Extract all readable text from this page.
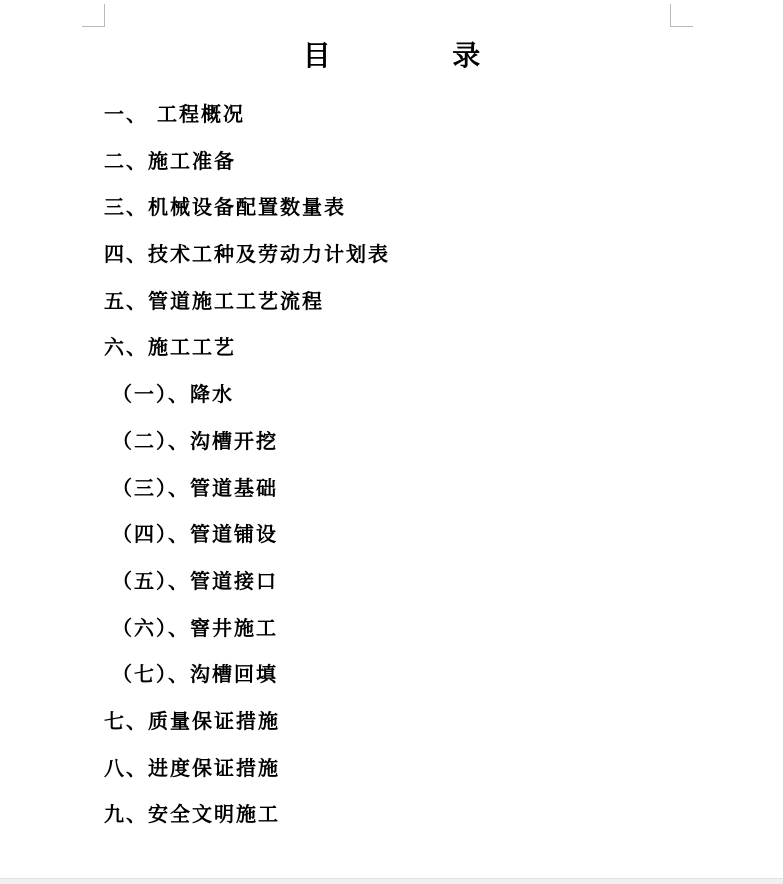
目  录
一、 工程概况
二、施工准备
三、机械设备配置数量表
四、技术工种及劳动力计划表
五、管道施工工艺流程
六、施工工艺
（一）、降水
（二）、沟槽开挖
（三）、管道基础
（四）、管道铺设
（五）、管道接口
（六）、窨井施工
（七）、沟槽回填
七、质量保证措施
八、进度保证措施
九、安全文明施工
